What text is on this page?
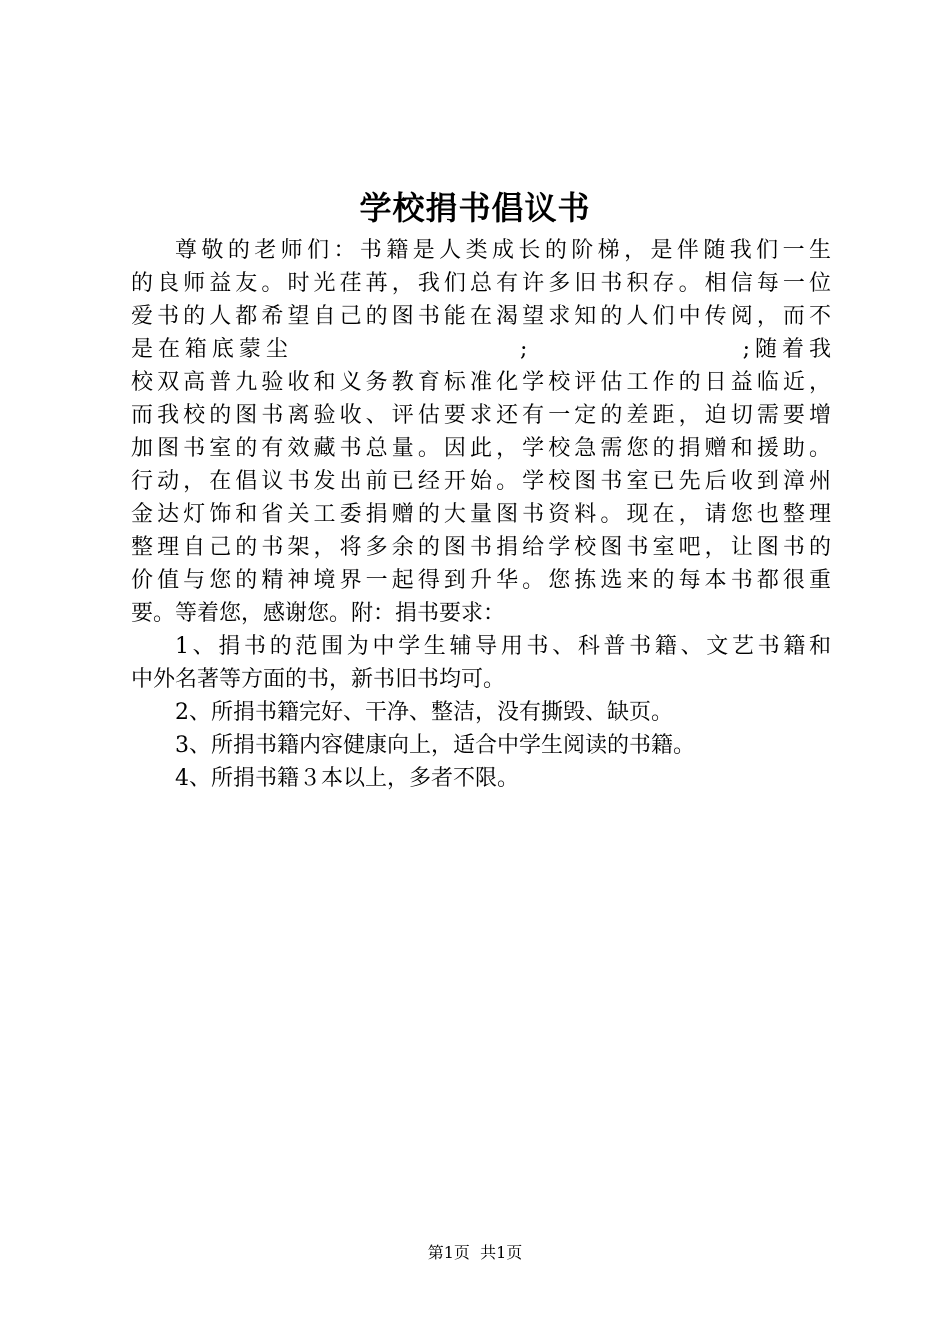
学校捐书倡议书
尊敬的老师们：书籍是人类成长的阶梯，是伴随我们一生
的良师益友。时光荏苒，我们总有许多旧书积存。相信每一位
爱书的人都希望自己的图书能在渴望求知的人们中传阅，而不
是在箱底蒙尘                   ;                  ;随着我
校双高普九验收和义务教育标准化学校评估工作的日益临近，
而我校的图书离验收、评估要求还有一定的差距，迫切需要增
加图书室的有效藏书总量。因此，学校急需您的捐赠和援助。
行动，在倡议书发出前已经开始。学校图书室已先后收到漳州
金达灯饰和省关工委捐赠的大量图书资料。现在，请您也整理
整理自己的书架，将多余的图书捐给学校图书室吧，让图书的
价值与您的精神境界一起得到升华。您拣选来的每本书都很重
要。等着您，感谢您。附：捐书要求：
1、捐书的范围为中学生辅导用书、科普书籍、文艺书籍和
中外名著等方面的书，新书旧书均可。
2、所捐书籍完好、干净、整洁，没有撕毁、缺页。
3、所捐书籍内容健康向上，适合中学生阅读的书籍。
4、所捐书籍３本以上，多者不限。
第1页  共1页
